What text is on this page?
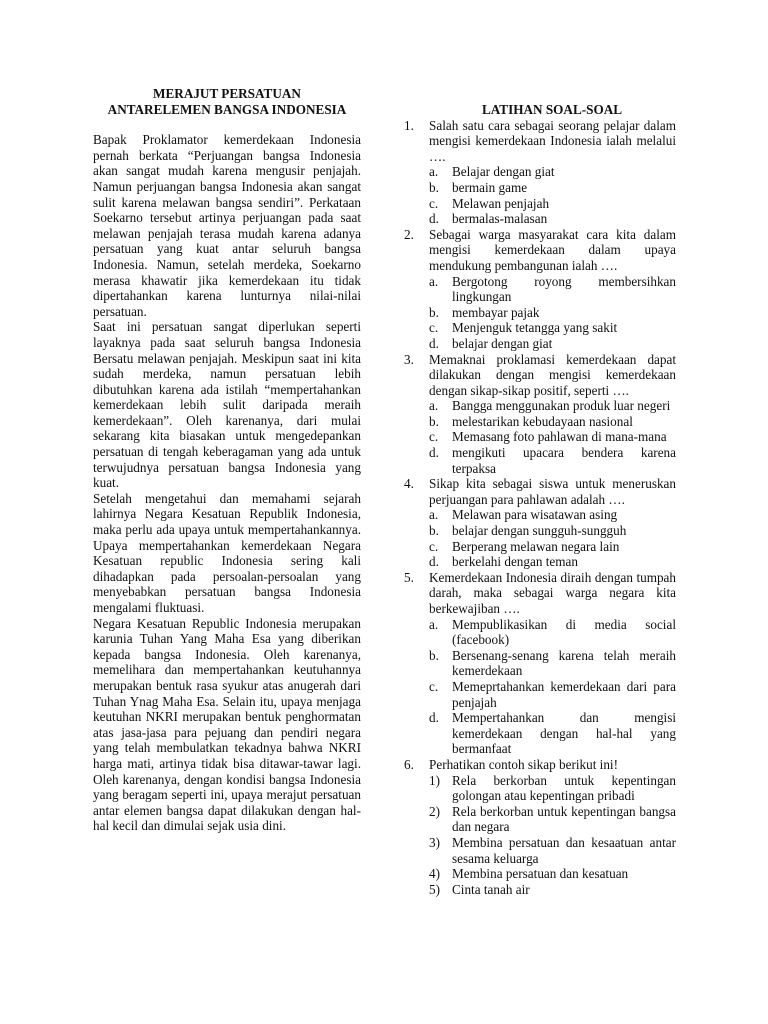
MERAJUT PERSATUAN
ANTARELEMEN BANGSA INDONESIA

Bapak Proklamator kemerdekaan Indonesia pernah berkata “Perjuangan bangsa Indonesia akan sangat mudah karena mengusir penjajah. Namun perjuangan bangsa Indonesia akan sangat sulit karena melawan bangsa sendiri”. Perkataan Soekarno tersebut artinya perjuangan pada saat melawan penjajah terasa mudah karena adanya persatuan yang kuat antar seluruh bangsa Indonesia. Namun, setelah merdeka, Soekarno merasa khawatir jika kemerdekaan itu tidak dipertahankan karena lunturnya nilai-nilai persatuan.

Saat ini persatuan sangat diperlukan seperti layaknya pada saat seluruh bangsa Indonesia Bersatu melawan penjajah. Meskipun saat ini kita sudah merdeka, namun persatuan lebih dibutuhkan karena ada istilah “mempertahankan kemerdekaan lebih sulit daripada meraih kemerdekaan”. Oleh karenanya, dari mulai sekarang kita biasakan untuk mengedepankan persatuan di tengah keberagaman yang ada untuk terwujudnya persatuan bangsa Indonesia yang kuat.

Setelah mengetahui dan memahami sejarah lahirnya Negara Kesatuan Republik Indonesia, maka perlu ada upaya untuk mempertahankannya. Upaya mempertahankan kemerdekaan Negara Kesatuan republic Indonesia sering kali dihadapkan pada persoalan-persoalan yang menyebabkan persatuan bangsa Indonesia mengalami fluktuasi.

Negara Kesatuan Republic Indonesia merupakan karunia Tuhan Yang Maha Esa yang diberikan kepada bangsa Indonesia. Oleh karenanya, memelihara dan mempertahankan keutuhannya merupakan bentuk rasa syukur atas anugerah dari Tuhan Ynag Maha Esa. Selain itu, upaya menjaga keutuhan NKRI merupakan bentuk penghormatan atas jasa-jasa para pejuang dan pendiri negara yang telah membulatkan tekadnya bahwa NKRI harga mati, artinya tidak bisa ditawar-tawar lagi. Oleh karenanya, dengan kondisi bangsa Indonesia yang beragam seperti ini, upaya merajut persatuan antar elemen bangsa dapat dilakukan dengan hal-hal kecil dan dimulai sejak usia dini.

LATIHAN SOAL-SOAL

1. Salah satu cara sebagai seorang pelajar dalam mengisi kemerdekaan Indonesia ialah melalui ….
a. Belajar dengan giat
b. bermain game
c. Melawan penjajah
d. bermalas-malasan
2. Sebagai warga masyarakat cara kita dalam mengisi kemerdekaan dalam upaya mendukung pembangunan ialah ….
a. Bergotong royong membersihkan lingkungan
b. membayar pajak
c. Menjenguk tetangga yang sakit
d. belajar dengan giat
3. Memaknai proklamasi kemerdekaan dapat dilakukan dengan mengisi kemerdekaan dengan sikap-sikap positif, seperti ….
a. Bangga menggunakan produk luar negeri
b. melestarikan kebudayaan nasional
c. Memasang foto pahlawan di mana-mana
d. mengikuti upacara bendera karena terpaksa
4. Sikap kita sebagai siswa untuk meneruskan perjuangan para pahlawan adalah ….
a. Melawan para wisatawan asing
b. belajar dengan sungguh-sungguh
c. Berperang melawan negara lain
d. berkelahi dengan teman
5. Kemerdekaan Indonesia diraih dengan tumpah darah, maka sebagai warga negara kita berkewajiban ….
a. Mempublikasikan di media social (facebook)
b. Bersenang-senang karena telah meraih kemerdekaan
c. Memeprtahankan kemerdekaan dari para penjajah
d. Mempertahankan dan mengisi kemerdekaan dengan hal-hal yang bermanfaat
6. Perhatikan contoh sikap berikut ini!
1) Rela berkorban untuk kepentingan golongan atau kepentingan pribadi
2) Rela berkorban untuk kepentingan bangsa dan negara
3) Membina persatuan dan kesaatuan antar sesama keluarga
4) Membina persatuan dan kesatuan
5) Cinta tanah air
